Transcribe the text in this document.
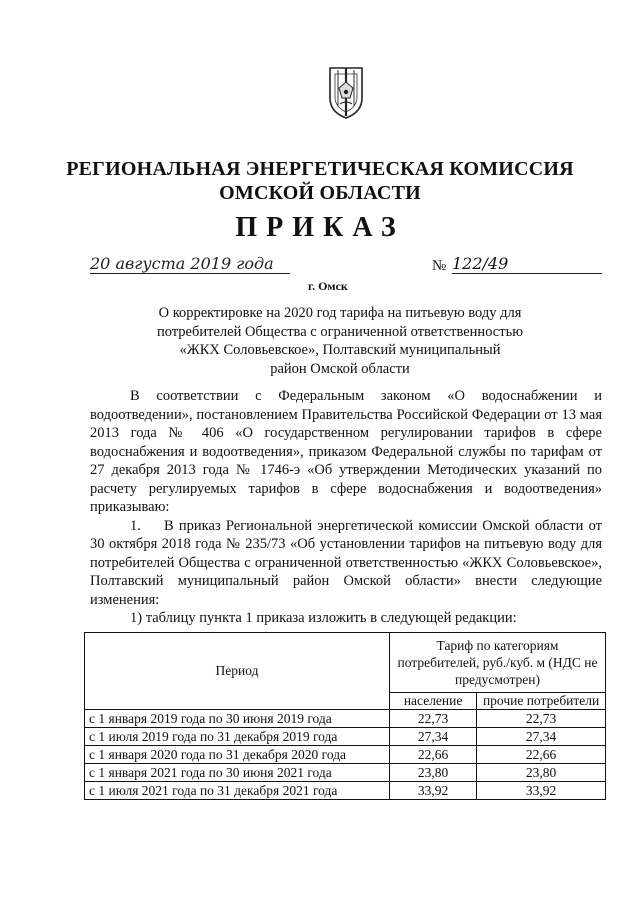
РЕГИОНАЛЬНАЯ ЭНЕРГЕТИЧЕСКАЯ КОМИССИЯ
ОМСКОЙ ОБЛАСТИ
ПРИКАЗ
20 августа 2019 года
г. Омск
№ 122/49
О корректировке на 2020 год тарифа на питьевую воду для
потребителей Общества с ограниченной ответственностью
«ЖКХ Соловьевское», Полтавский муниципальный
район Омской области

В соответствии с Федеральным законом «О водоснабжении и водоотведении», постановлением Правительства Российской Федерации от 13 мая 2013 года № 406 «О государственном регулировании тарифов в сфере водоснабжения и водоотведения», приказом Федеральной службы по тарифам от 27 декабря 2013 года № 1746-э «Об утверждении Методических указаний по расчету регулируемых тарифов в сфере водоснабжения и водоотведения» приказываю:

1. В приказ Региональной энергетической комиссии Омской области от 30 октября 2018 года № 235/73 «Об установлении тарифов на питьевую воду для потребителей Общества с ограниченной ответственностью «ЖКХ Соловьевское», Полтавский муниципальный район Омской области» внести следующие изменения:

1) таблицу пункта 1 приказа изложить в следующей редакции:

Период	Тариф по категориям потребителей, руб./куб. м (НДС не предусмотрен)	
	население	прочие потребители
с 1 января 2019 года по 30 июня 2019 года	22,73	22,73
с 1 июля 2019 года по 31 декабря 2019 года	27,34	27,34
с 1 января 2020 года по 31 декабря 2020 года	22,66	22,66
с 1 января 2021 года по 30 июня 2021 года	23,80	23,80
с 1 июля 2021 года по 31 декабря 2021 года	33,92	33,92
